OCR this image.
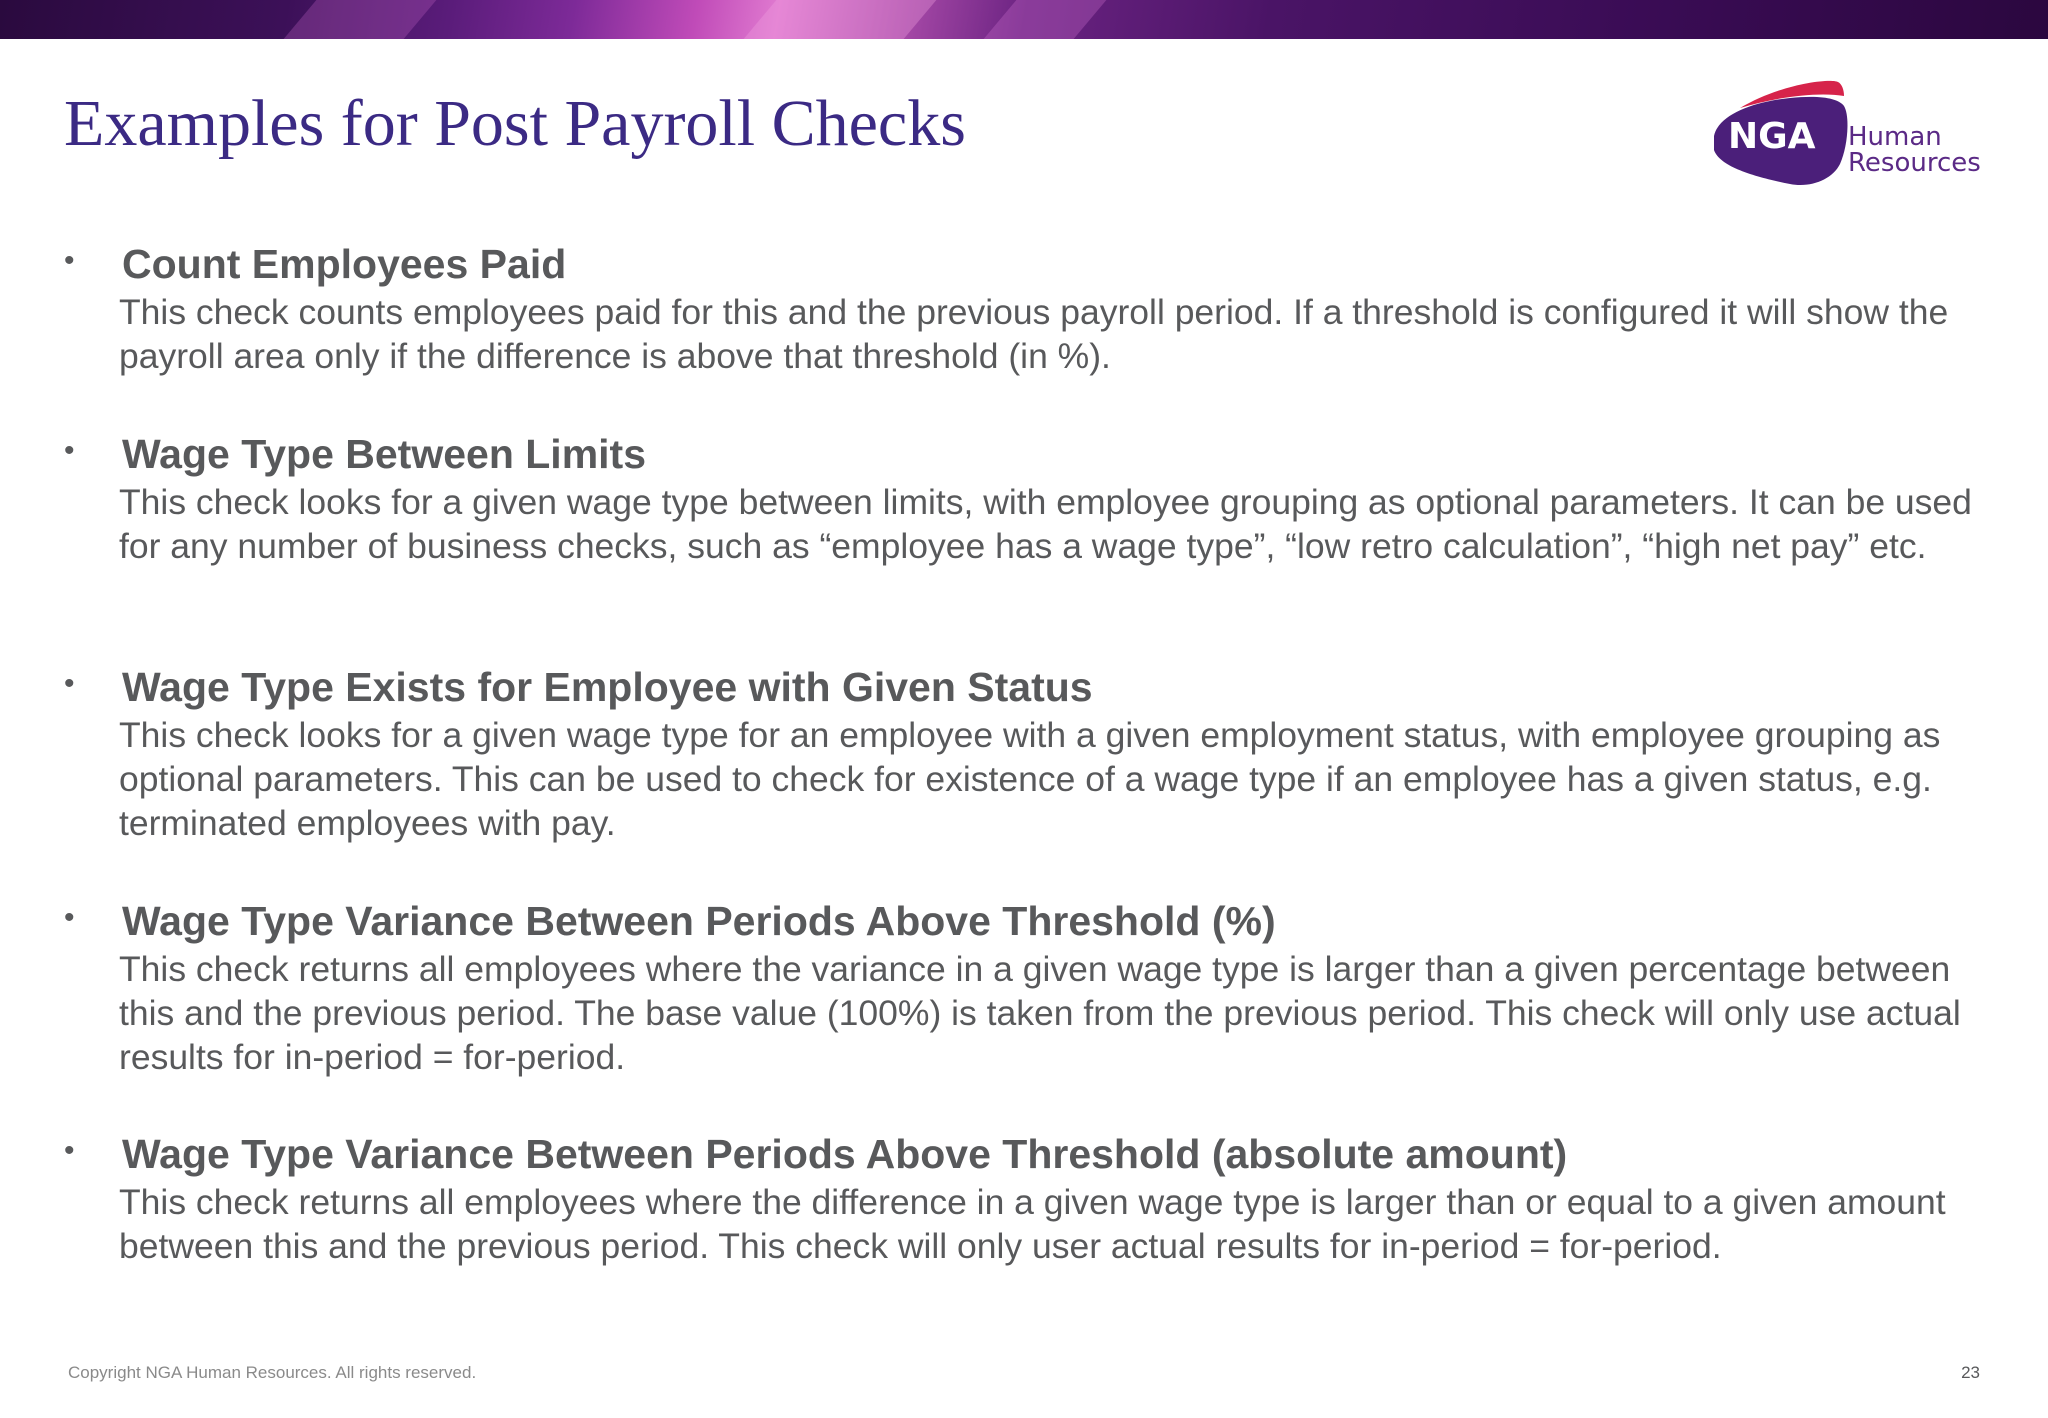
Examples for Post Payroll Checks	NGA Human
Resources
• Count Employees Paid

This check counts employees paid for this and the previous payroll period. If a threshold is configured it will show the payroll area only if the difference is above that threshold (in %).

• Wage Type Between Limits

This check looks for a given wage type between limits, with employee grouping as optional parameters. It can be used for any number of business checks, such as “employee has a wage type”, “low retro calculation”, “high net pay” etc.

• Wage Type Exists for Employee with Given Status

This check looks for a given wage type for an employee with a given employment status, with employee grouping as optional parameters. This can be used to check for existence of a wage type if an employee has a given status, e.g. terminated employees with pay.

• Wage Type Variance Between Periods Above Threshold (%)

This check returns all employees where the variance in a given wage type is larger than a given percentage between this and the previous period. The base value (100%) is taken from the previous period. This check will only use actual results for in-period = for-period.

• Wage Type Variance Between Periods Above Threshold (absolute amount)

This check returns all employees where the difference in a given wage type is larger than or equal to a given amount between this and the previous period. This check will only user actual results for in-period = for-period.

Copyright NGA Human Resources. All rights reserved.	23
